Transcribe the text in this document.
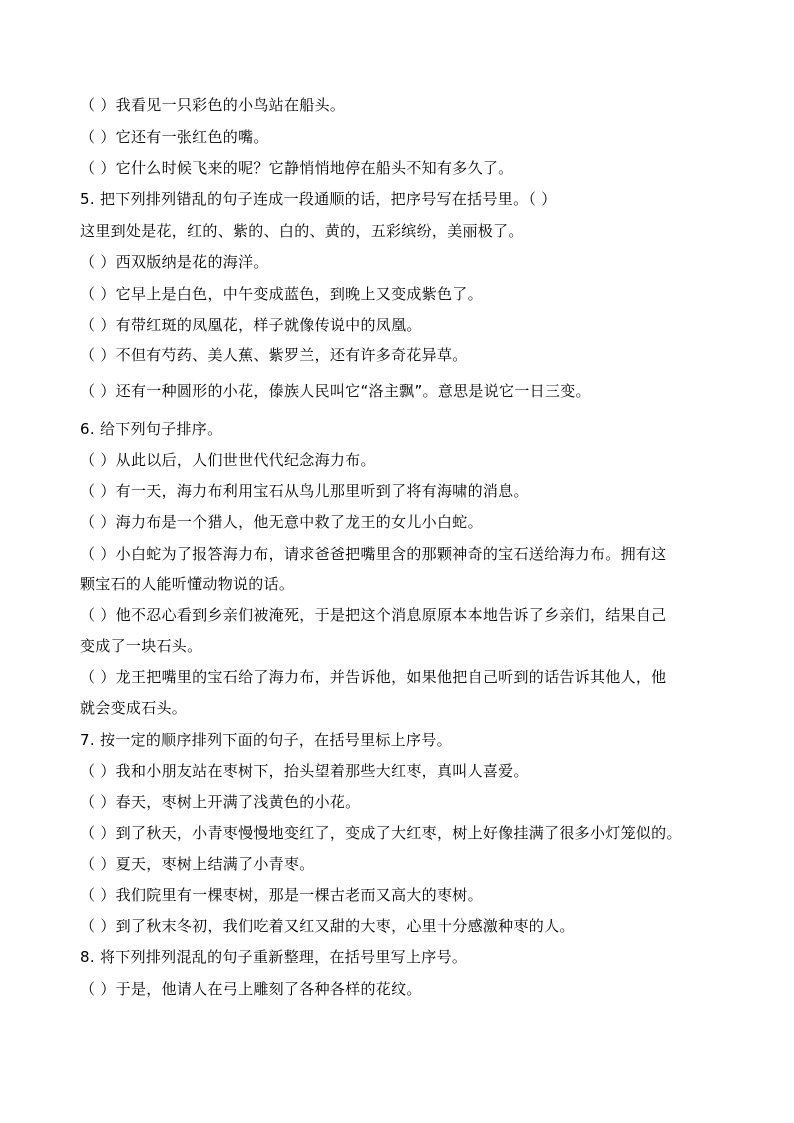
（ ）我看见一只彩色的小鸟站在船头。
（ ）它还有一张红色的嘴。
（ ）它什么时候飞来的呢？它静悄悄地停在船头不知有多久了。
5. 把下列排列错乱的句子连成一段通顺的话，把序号写在括号里。（ ）
这里到处是花，红的、紫的、白的、黄的，五彩缤纷，美丽极了。
（ ）西双版纳是花的海洋。
（ ）它早上是白色，中午变成蓝色，到晚上又变成紫色了。
（ ）有带红斑的凤凰花，样子就像传说中的凤凰。
（ ）不但有芍药、美人蕉、紫罗兰，还有许多奇花异草。
（ ）还有一种圆形的小花，傣族人民叫它“洛主飘”。意思是说它一日三变。
6. 给下列句子排序。
（ ）从此以后，人们世世代代纪念海力布。
（ ）有一天，海力布利用宝石从鸟儿那里听到了将有海啸的消息。
（ ）海力布是一个猎人，他无意中救了龙王的女儿小白蛇。
（ ）小白蛇为了报答海力布，请求爸爸把嘴里含的那颗神奇的宝石送给海力布。拥有这
颗宝石的人能听懂动物说的话。
（ ）他不忍心看到乡亲们被淹死，于是把这个消息原原本本地告诉了乡亲们，结果自己
变成了一块石头。
（ ）龙王把嘴里的宝石给了海力布，并告诉他，如果他把自己听到的话告诉其他人，他
就会变成石头。
7. 按一定的顺序排列下面的句子，在括号里标上序号。
（ ）我和小朋友站在枣树下，抬头望着那些大红枣，真叫人喜爱。
（ ）春天，枣树上开满了浅黄色的小花。
（ ）到了秋天，小青枣慢慢地变红了，变成了大红枣，树上好像挂满了很多小灯笼似的。
（ ）夏天，枣树上结满了小青枣。
（ ）我们院里有一棵枣树，那是一棵古老而又高大的枣树。
（ ）到了秋末冬初，我们吃着又红又甜的大枣，心里十分感激种枣的人。
8. 将下列排列混乱的句子重新整理，在括号里写上序号。
（ ）于是，他请人在弓上雕刻了各种各样的花纹。
